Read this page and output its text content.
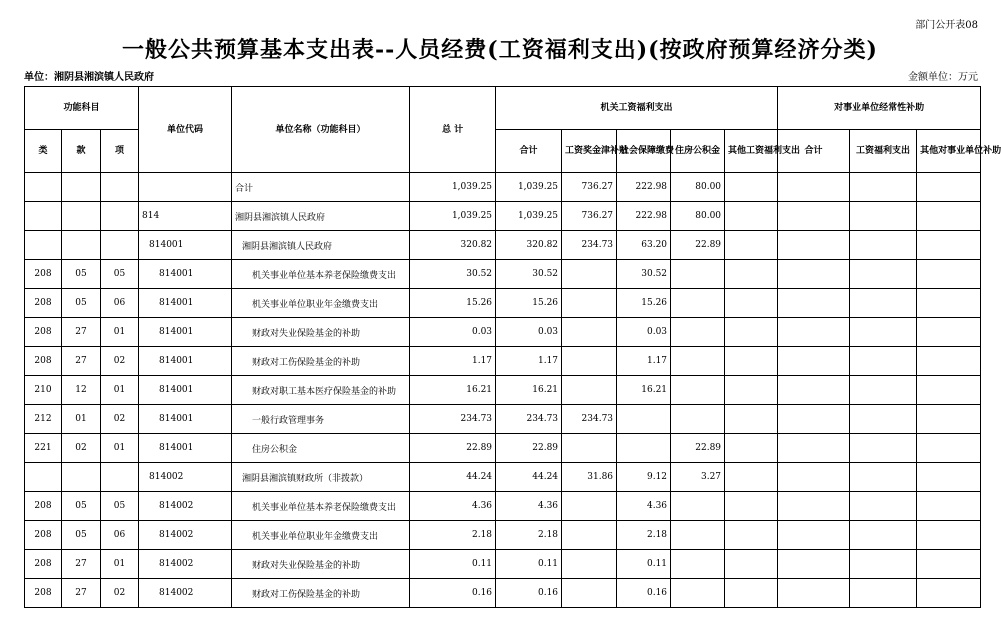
部门公开表08
一般公共预算基本支出表--人员经费(工资福利支出)(按政府预算经济分类)
单位：湘阴县湘滨镇人民政府	金额单位：万元
功能科目			单位代码	单位名称（功能科目）	总 计	机关工资福利支出					对事业单位经常性补助		
类	款	项				合计	工资奖金津补贴	社会保障缴费	住房公积金	其他工资福利支出	合计	工资福利支出	其他对事业单位补助
				合计	1,039.25	1,039.25	736.27	222.98	80.00				
			814	湘阴县湘滨镇人民政府	1,039.25	1,039.25	736.27	222.98	80.00				
			814001	湘阴县湘滨镇人民政府	320.82	320.82	234.73	63.20	22.89				
208	05	05	814001	机关事业单位基本养老保险缴费支出	30.52	30.52		30.52					
208	05	06	814001	机关事业单位职业年金缴费支出	15.26	15.26		15.26					
208	27	01	814001	财政对失业保险基金的补助	0.03	0.03		0.03					
208	27	02	814001	财政对工伤保险基金的补助	1.17	1.17		1.17					
210	12	01	814001	财政对职工基本医疗保险基金的补助	16.21	16.21		16.21					
212	01	02	814001	一般行政管理事务	234.73	234.73	234.73						
221	02	01	814001	住房公积金	22.89	22.89			22.89				
			814002	湘阴县湘滨镇财政所（非拨款）	44.24	44.24	31.86	9.12	3.27				
208	05	05	814002	机关事业单位基本养老保险缴费支出	4.36	4.36		4.36					
208	05	06	814002	机关事业单位职业年金缴费支出	2.18	2.18		2.18					
208	27	01	814002	财政对失业保险基金的补助	0.11	0.11		0.11					
208	27	02	814002	财政对工伤保险基金的补助	0.16	0.16		0.16					
